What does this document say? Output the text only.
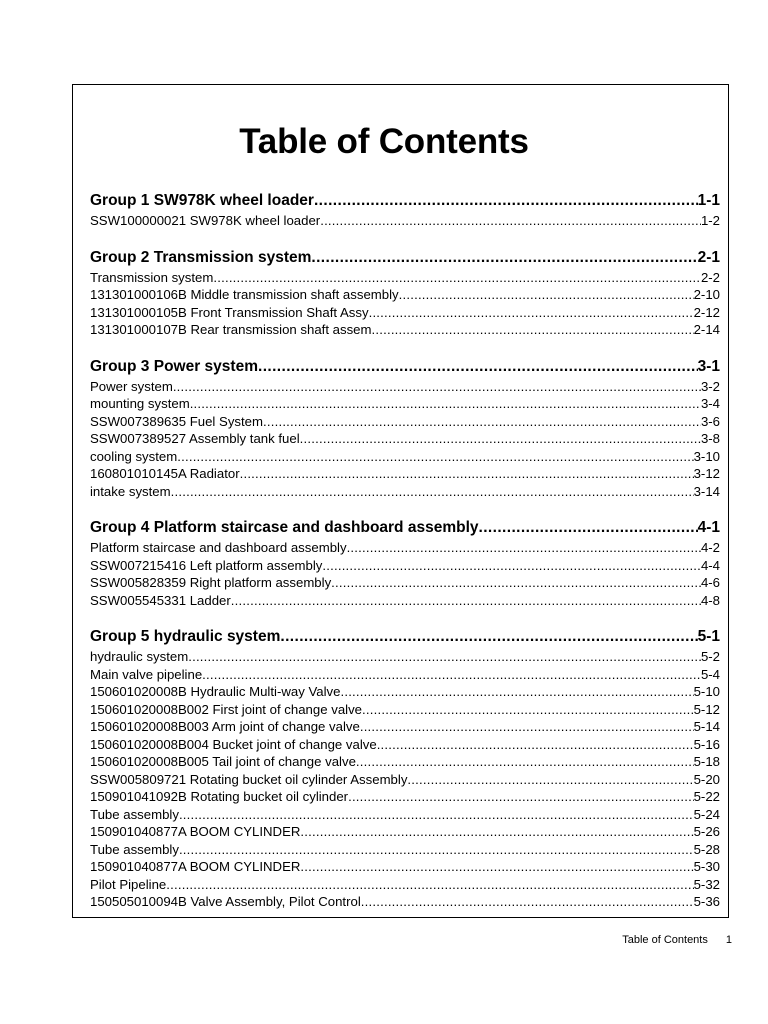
Table of Contents
Group 1 SW978K wheel loader .....	1-1
SSW100000021 SW978K wheel loader .....	1-2
Group 2 Transmission system .....	2-1
Transmission system .....	2-2
131301000106B Middle transmission shaft assembly .....	2-10
131301000105B Front Transmission Shaft Assy .....	2-12
131301000107B Rear transmission shaft assem .....	2-14
Group 3 Power system .....	3-1
Power system .....	3-2
mounting system .....	3-4
SSW007389635 Fuel System .....	3-6
SSW007389527 Assembly tank fuel .....	3-8
cooling system .....	3-10
160801010145A Radiator .....	3-12
intake system .....	3-14
Group 4 Platform staircase and dashboard assembly .....	4-1
Platform staircase and dashboard assembly .....	4-2
SSW007215416 Left platform assembly .....	4-4
SSW005828359 Right platform assembly .....	4-6
SSW005545331 Ladder .....	4-8
Group 5 hydraulic system .....	5-1
hydraulic system .....	5-2
Main valve pipeline .....	5-4
150601020008B Hydraulic Multi-way Valve .....	5-10
150601020008B002 First joint of change valve .....	5-12
150601020008B003 Arm joint of change valve .....	5-14
150601020008B004 Bucket joint of change valve .....	5-16
150601020008B005 Tail joint of change valve .....	5-18
SSW005809721 Rotating bucket oil cylinder Assembly .....	5-20
150901041092B Rotating bucket oil cylinder .....	5-22
Tube assembly .....	5-24
150901040877A BOOM CYLINDER .....	5-26
Tube assembly .....	5-28
150901040877A BOOM CYLINDER .....	5-30
Pilot Pipeline .....	5-32
150505010094B Valve Assembly, Pilot Control .....	5-36
Table of Contents 1
